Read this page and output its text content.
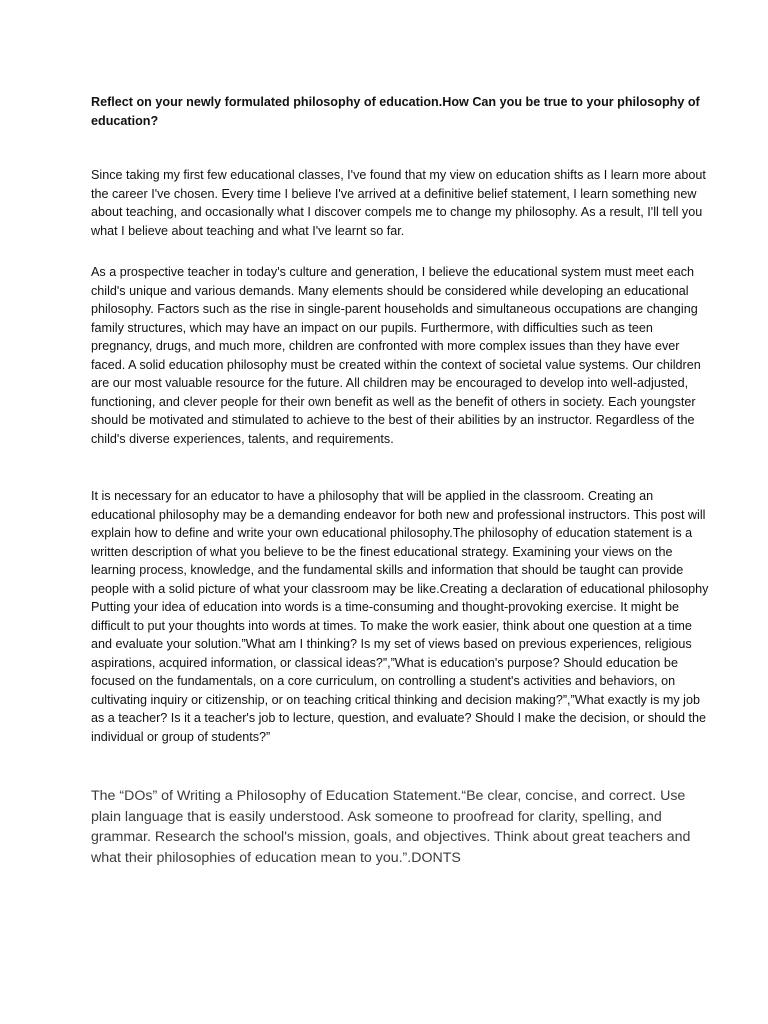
Reflect on your newly formulated philosophy of education.How Can you be true to your philosophy of education?

Since taking my first few educational classes, I've found that my view on education shifts as I learn more about the career I've chosen. Every time I believe I've arrived at a definitive belief statement, I learn something new about teaching, and occasionally what I discover compels me to change my philosophy. As a result, I'll tell you what I believe about teaching and what I've learnt so far.

As a prospective teacher in today's culture and generation, I believe the educational system must meet each child's unique and various demands. Many elements should be considered while developing an educational philosophy. Factors such as the rise in single-parent households and simultaneous occupations are changing family structures, which may have an impact on our pupils. Furthermore, with difficulties such as teen pregnancy, drugs, and much more, children are confronted with more complex issues than they have ever faced. A solid education philosophy must be created within the context of societal value systems. Our children are our most valuable resource for the future. All children may be encouraged to develop into well-adjusted, functioning, and clever people for their own benefit as well as the benefit of others in society. Each youngster should be motivated and stimulated to achieve to the best of their abilities by an instructor. Regardless of the child's diverse experiences, talents, and requirements.

It is necessary for an educator to have a philosophy that will be applied in the classroom. Creating an educational philosophy may be a demanding endeavor for both new and professional instructors. This post will explain how to define and write your own educational philosophy.The philosophy of education statement is a written description of what you believe to be the finest educational strategy. Examining your views on the learning process, knowledge, and the fundamental skills and information that should be taught can provide people with a solid picture of what your classroom may be like.Creating a declaration of educational philosophy Putting your idea of education into words is a time-consuming and thought-provoking exercise. It might be difficult to put your thoughts into words at times. To make the work easier, think about one question at a time and evaluate your solution.”What am I thinking? Is my set of views based on previous experiences, religious aspirations, acquired information, or classical ideas?”,”What is education's purpose? Should education be focused on the fundamentals, on a core curriculum, on controlling a student's activities and behaviors, on cultivating inquiry or citizenship, or on teaching critical thinking and decision making?”,”What exactly is my job as a teacher? Is it a teacher's job to lecture, question, and evaluate? Should I make the decision, or should the individual or group of students?”

The “DOs” of Writing a Philosophy of Education Statement.“Be clear, concise, and correct. Use plain language that is easily understood. Ask someone to proofread for clarity, spelling, and grammar. Research the school's mission, goals, and objectives. Think about great teachers and what their philosophies of education mean to you.”.DONTS
